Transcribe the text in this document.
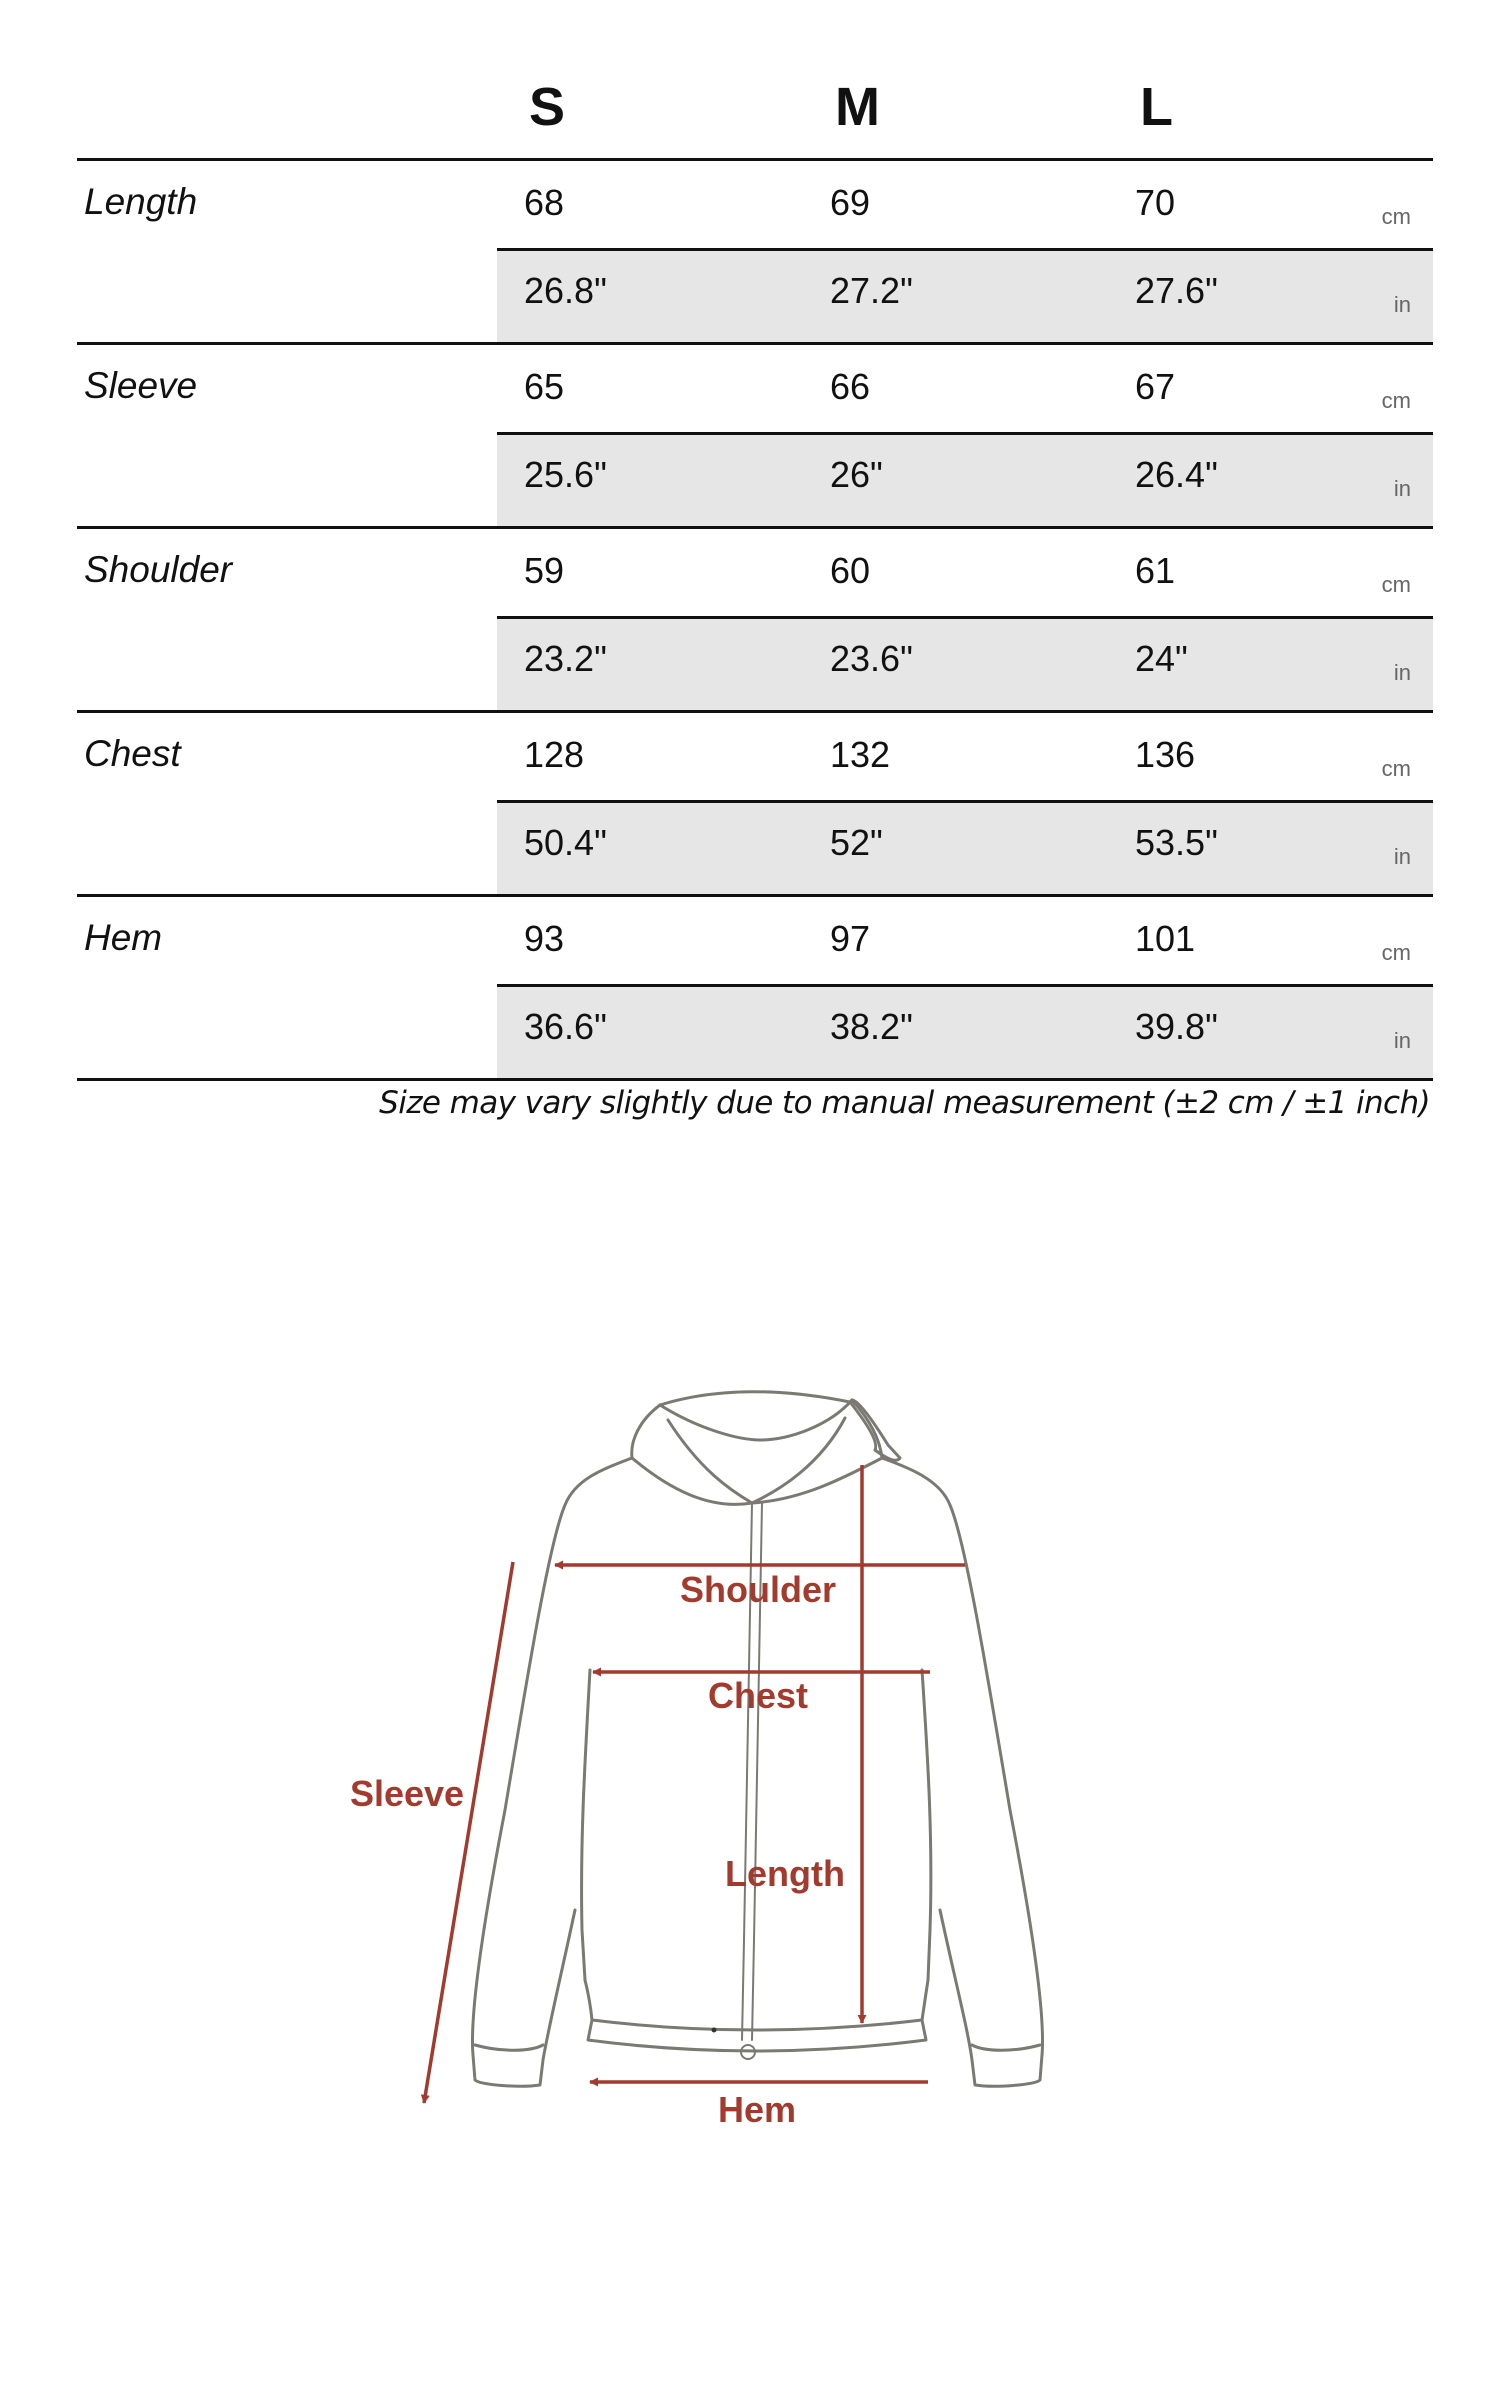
S	M	L
Length	68	69	70	cm
26.8"	27.2"	27.6"	in
Sleeve	65	66	67	cm
25.6"	26"	26.4"	in
Shoulder	59	60	61	cm
23.2"	23.6"	24"	in
Chest	128	132	136	cm
50.4"	52"	53.5"	in
Hem	93	97	101	cm
36.6"	38.2"	39.8"	in
Size may vary slightly due to manual measurement (±2 cm / ±1 inch)
Shoulder
Chest
Length
Sleeve
Hem
